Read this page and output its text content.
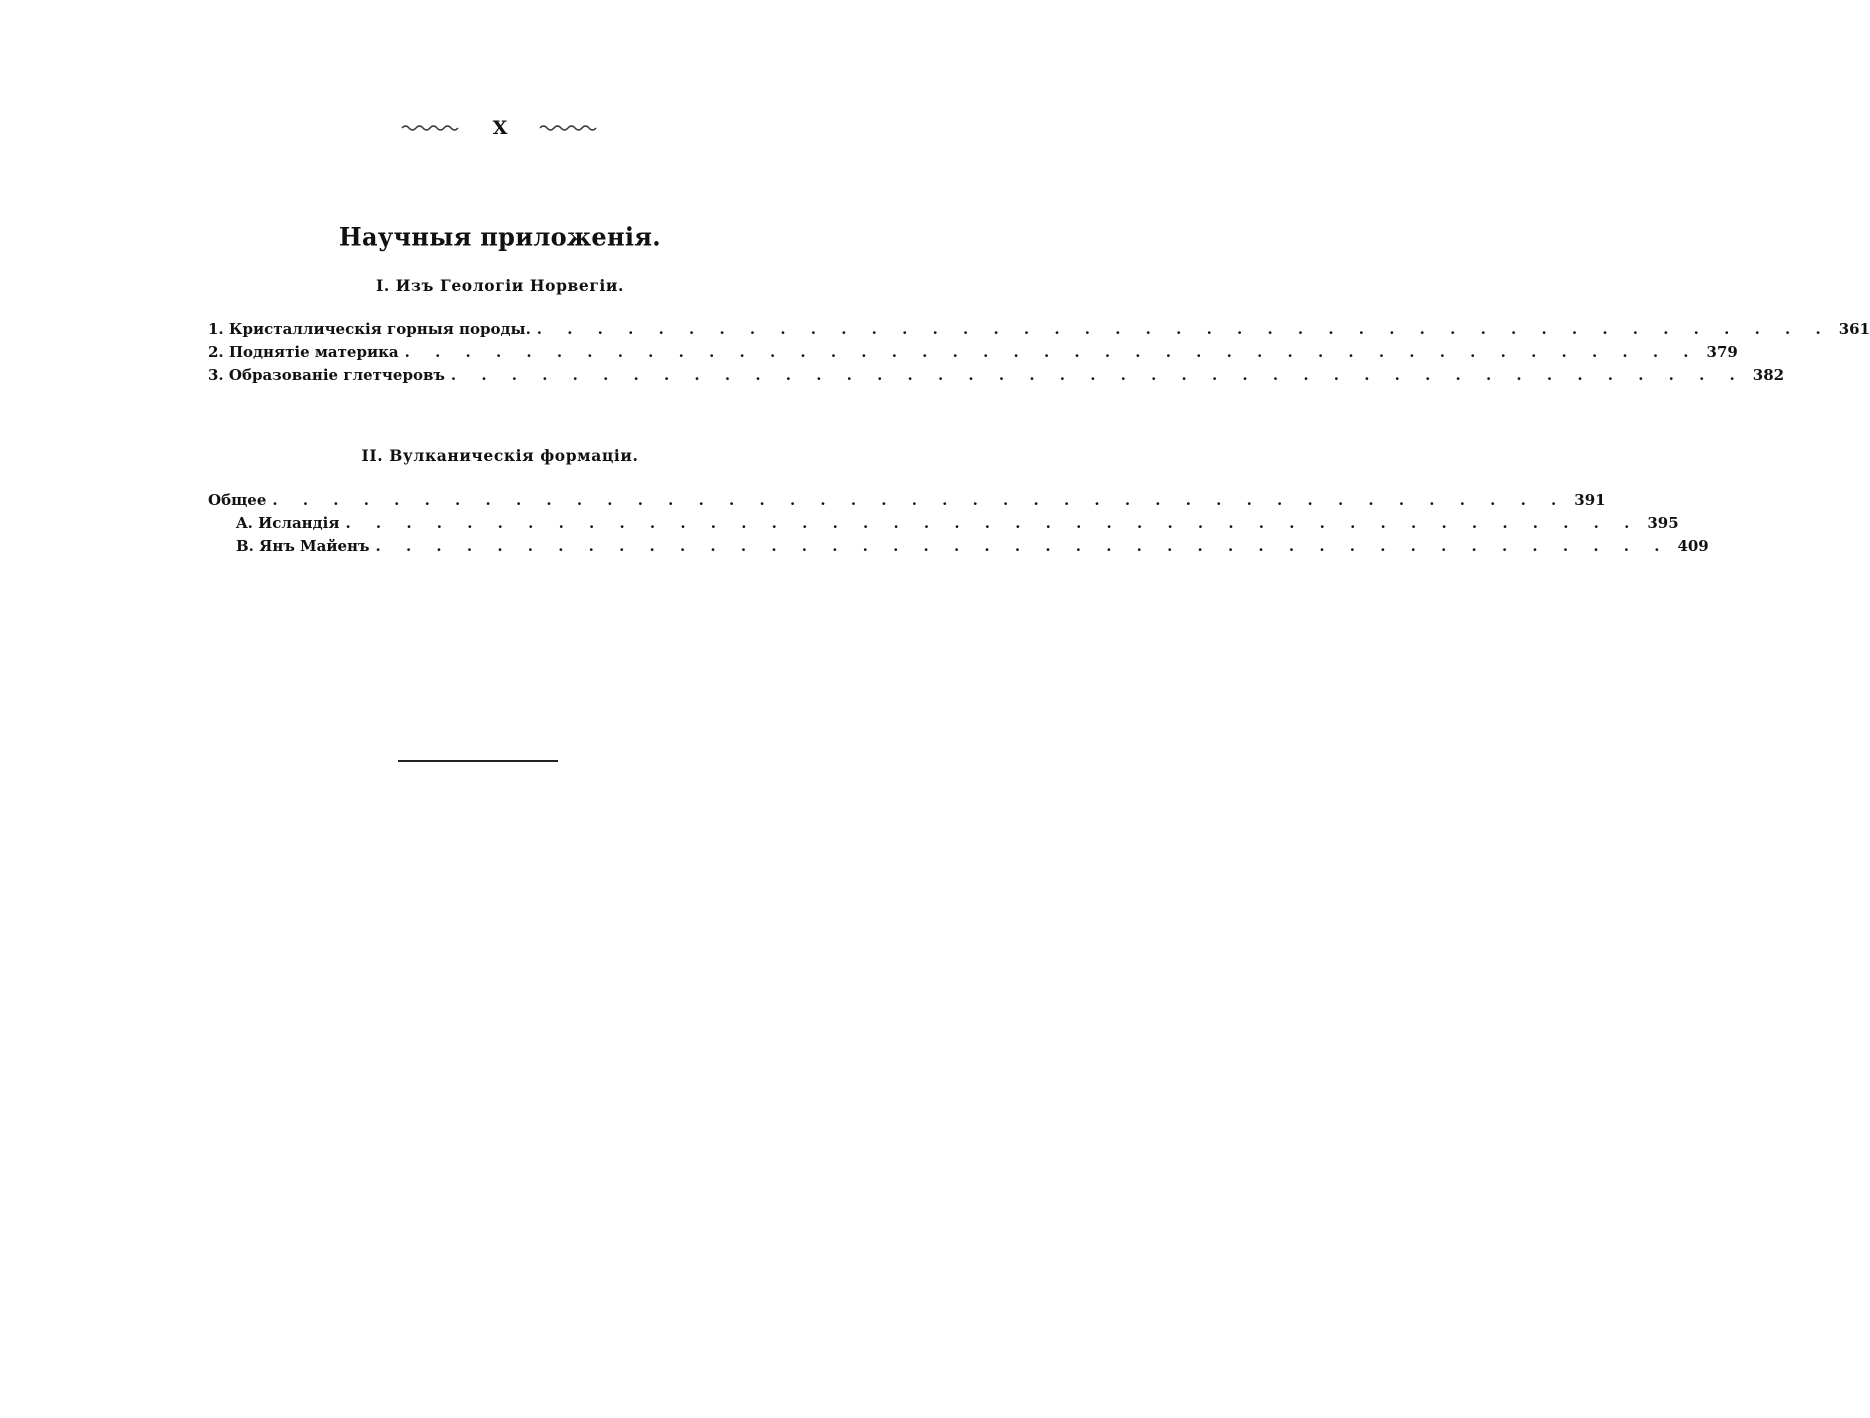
X
Научныя приложенія.
I. Изъ Геологіи Норвегіи.
1. Кристаллическія горныя породы. . . . . . . . . . . . . . . . . . . . . . . . . . . . . . . . . . . . . . . . . . . . 361
2. Поднятіе материка . . . . . . . . . . . . . . . . . . . . . . . . . . . . . . . . . . . . . . . . . . . 379
3. Образованіе глетчеровъ . . . . . . . . . . . . . . . . . . . . . . . . . . . . . . . . . . . . . . . . . . . 382
II. Вулканическія формаціи.
Общее . . . . . . . . . . . . . . . . . . . . . . . . . . . . . . . . . . . . . . . . . . . 391
A. Исландія . . . . . . . . . . . . . . . . . . . . . . . . . . . . . . . . . . . . . . . . . . . 395
B. Янъ Майенъ . . . . . . . . . . . . . . . . . . . . . . . . . . . . . . . . . . . . . . . . . . . 409
